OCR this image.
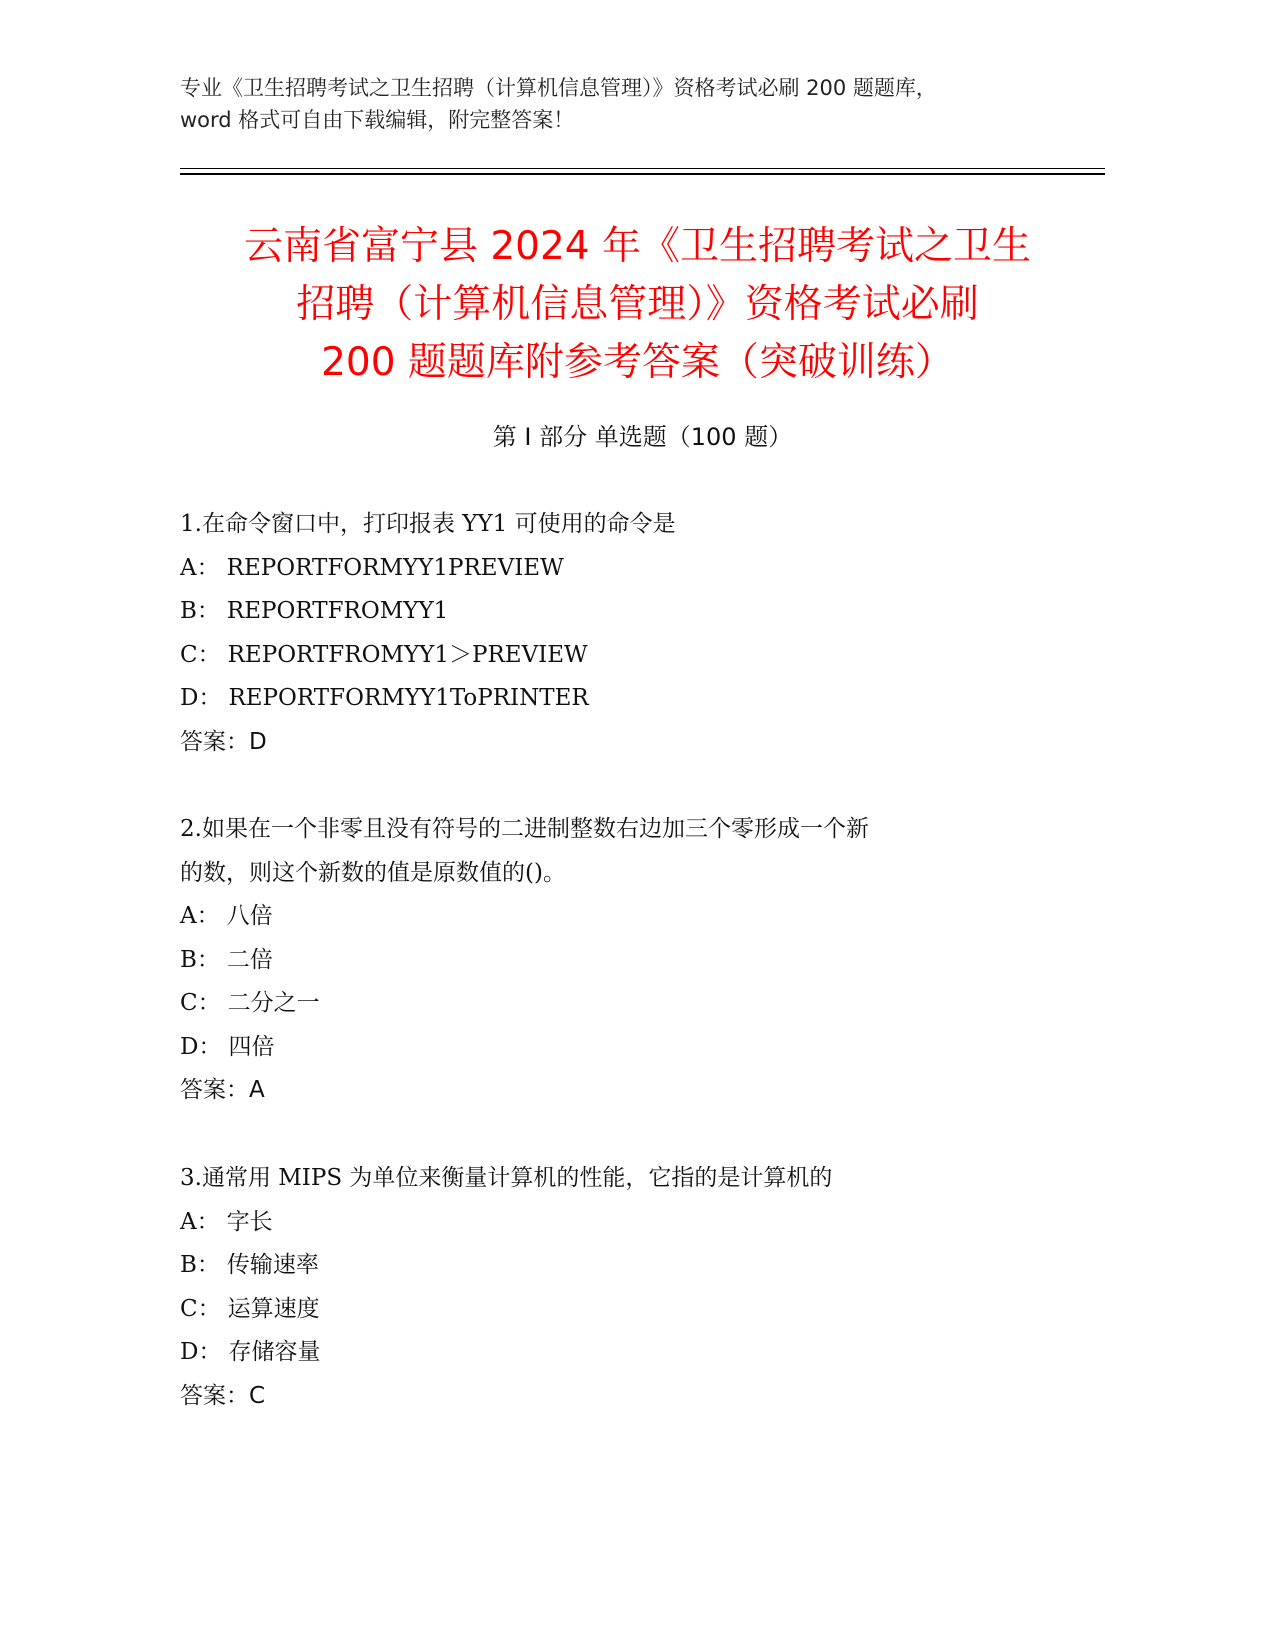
专业《卫生招聘考试之卫生招聘（计算机信息管理）》资格考试必刷 200 题题库，
word 格式可自由下载编辑，附完整答案！
云南省富宁县 2024 年《卫生招聘考试之卫生
招聘（计算机信息管理）》资格考试必刷
200 题题库附参考答案（突破训练）
第 I 部分 单选题（100 题）
1.在命令窗口中，打印报表 YY1 可使用的命令是
A： REPORTFORMYY1PREVIEW
B： REPORTFROMYY1
C： REPORTFROMYY1＞PREVIEW
D： REPORTFORMYY1ToPRINTER
答案：D
2.如果在一个非零且没有符号的二进制整数右边加三个零形成一个新
的数，则这个新数的值是原数值的()。
A： 八倍
B： 二倍
C： 二分之一
D： 四倍
答案：A
3.通常用 MIPS 为单位来衡量计算机的性能，它指的是计算机的
A： 字长
B： 传输速率
C： 运算速度
D： 存储容量
答案：C
